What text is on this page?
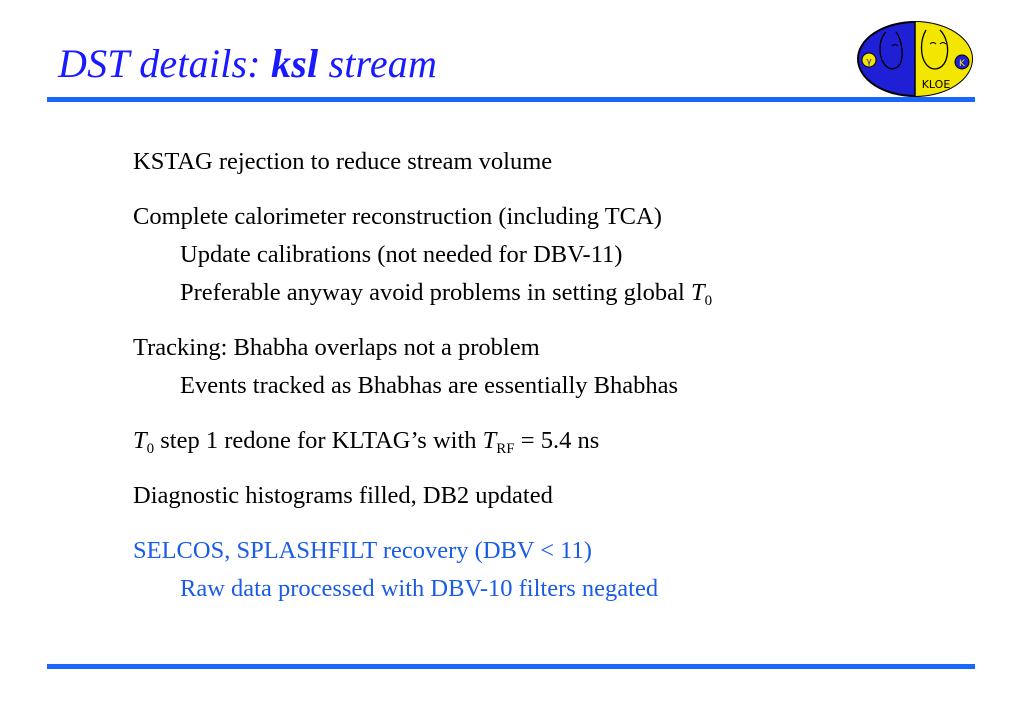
DST details: ksl stream	γ	K
KLOE
KSTAG rejection to reduce stream volume
Complete calorimeter reconstruction (including TCA)
Update calibrations (not needed for DBV-11)
Preferable anyway avoid problems in setting global $T_0$
Tracking: Bhabha overlaps not a problem
Events tracked as Bhabhas are essentially Bhabhas
$T_0$ step 1 redone for KLTAG’s with $T_{RF} = 5.4$ ns
Diagnostic histograms filled, DB2 updated
SELCOS, SPLASHFILT recovery (DBV < 11)
Raw data processed with DBV-10 filters negated
